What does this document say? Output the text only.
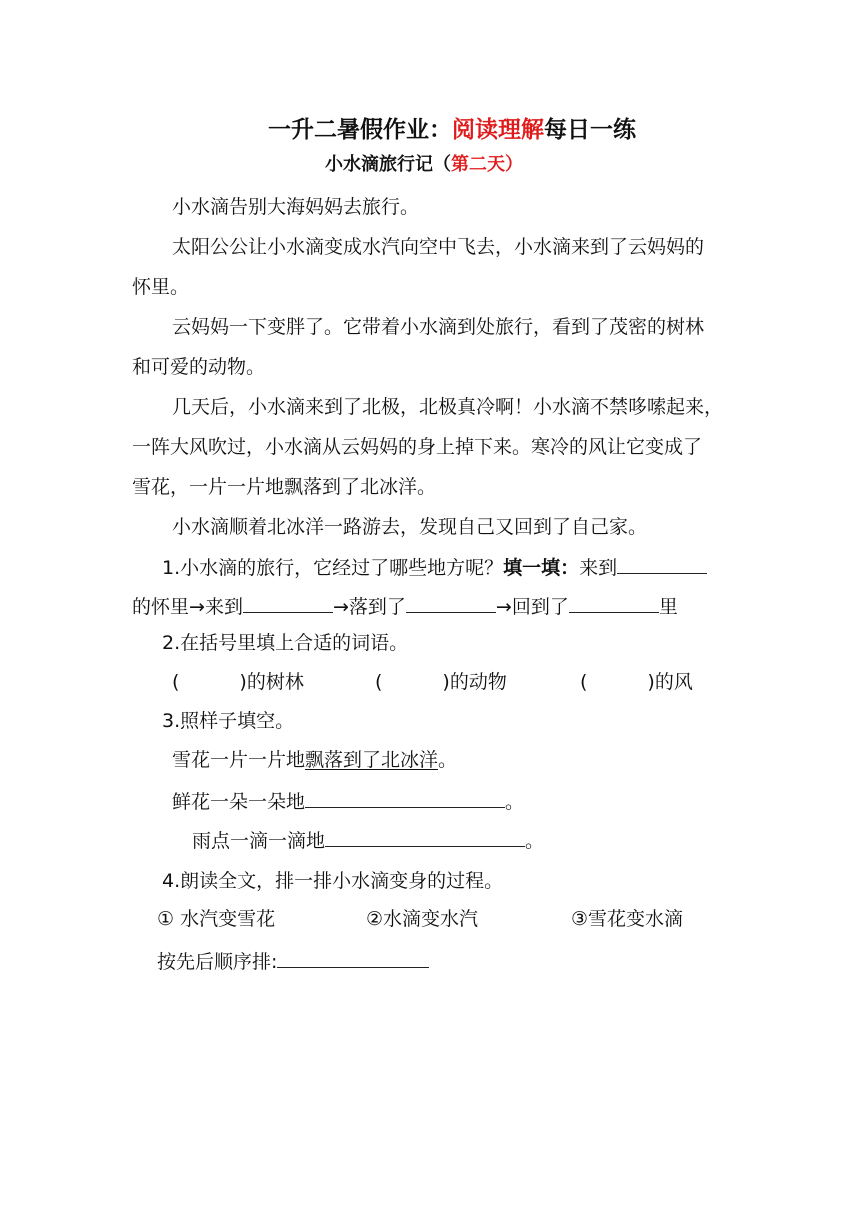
一升二暑假作业：阅读理解每日一练
小水滴旅行记（第二天）
小水滴告别大海妈妈去旅行。
太阳公公让小水滴变成水汽向空中飞去，小水滴来到了云妈妈的
怀里。
云妈妈一下变胖了。它带着小水滴到处旅行，看到了茂密的树林
和可爱的动物。
几天后，小水滴来到了北极，北极真冷啊！小水滴不禁哆嗦起来，
一阵大风吹过，小水滴从云妈妈的身上掉下来。寒冷的风让它变成了
雪花，一片一片地飘落到了北冰洋。
小水滴顺着北冰洋一路游去，发现自己又回到了自己家。
1.小水滴的旅行，它经过了哪些地方呢？填一填：来到
的怀里→来到	→落到了	→回到了	里
2.在括号里填上合适的词语。
(	)的树林	(	)的动物	(	)的风
3.照样子填空。
雪花一片一片地飘落到了北冰洋。
鲜花一朵一朵地	。
雨点一滴一滴地	。
4.朗读全文，排一排小水滴变身的过程。
① 水汽变雪花	②水滴变水汽	③雪花变水滴
按先后顺序排:
